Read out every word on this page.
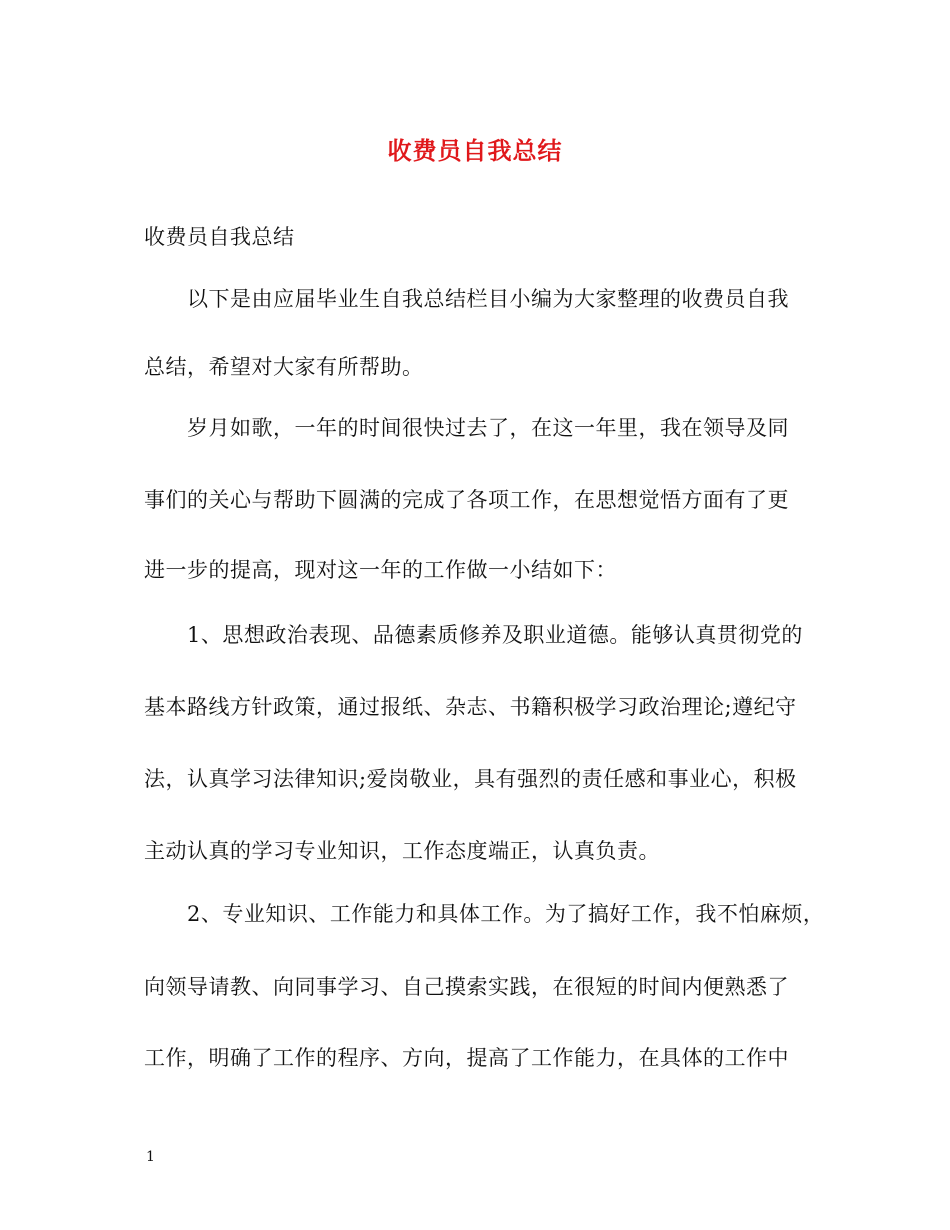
收费员自我总结
收费员自我总结
以下是由应届毕业生自我总结栏目小编为大家整理的收费员自我
总结，希望对大家有所帮助。
岁月如歌，一年的时间很快过去了，在这一年里，我在领导及同
事们的关心与帮助下圆满的完成了各项工作，在思想觉悟方面有了更
进一步的提高，现对这一年的工作做一小结如下：
1、思想政治表现、品德素质修养及职业道德。能够认真贯彻党的
基本路线方针政策，通过报纸、杂志、书籍积极学习政治理论;遵纪守
法，认真学习法律知识;爱岗敬业，具有强烈的责任感和事业心，积极
主动认真的学习专业知识，工作态度端正，认真负责。
2、专业知识、工作能力和具体工作。为了搞好工作，我不怕麻烦，
向领导请教、向同事学习、自己摸索实践，在很短的时间内便熟悉了
工作，明确了工作的程序、方向，提高了工作能力，在具体的工作中
1
